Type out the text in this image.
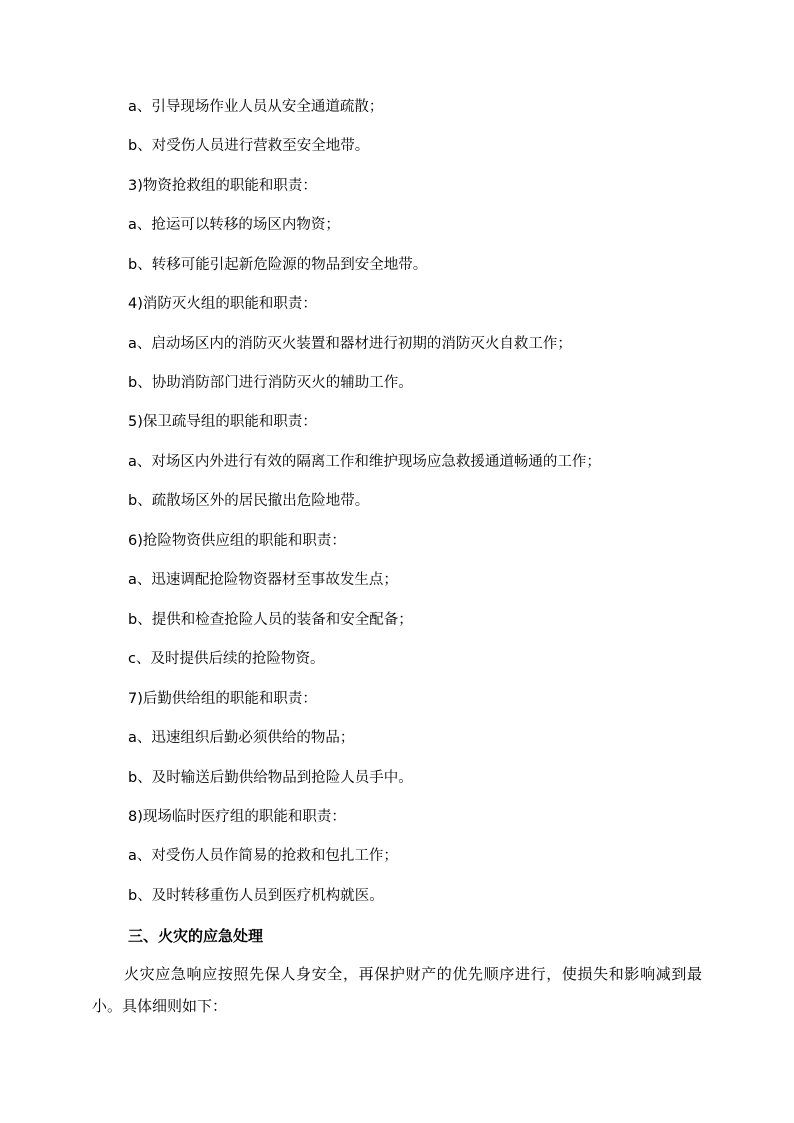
a、引导现场作业人员从安全通道疏散；
b、对受伤人员进行营救至安全地带。
3)物资抢救组的职能和职责：
a、抢运可以转移的场区内物资；
b、转移可能引起新危险源的物品到安全地带。
4)消防灭火组的职能和职责：
a、启动场区内的消防灭火装置和器材进行初期的消防灭火自救工作；
b、协助消防部门进行消防灭火的辅助工作。
5)保卫疏导组的职能和职责：
a、对场区内外进行有效的隔离工作和维护现场应急救援通道畅通的工作；
b、疏散场区外的居民撤出危险地带。
6)抢险物资供应组的职能和职责：
a、迅速调配抢险物资器材至事故发生点；
b、提供和检查抢险人员的装备和安全配备；
c、及时提供后续的抢险物资。
7)后勤供给组的职能和职责：
a、迅速组织后勤必须供给的物品；
b、及时输送后勤供给物品到抢险人员手中。
8)现场临时医疗组的职能和职责：
a、对受伤人员作简易的抢救和包扎工作；
b、及时转移重伤人员到医疗机构就医。
三、火灾的应急处理
火灾应急响应按照先保人身安全，再保护财产的优先顺序进行，使损失和影响减到最小。具体细则如下：
